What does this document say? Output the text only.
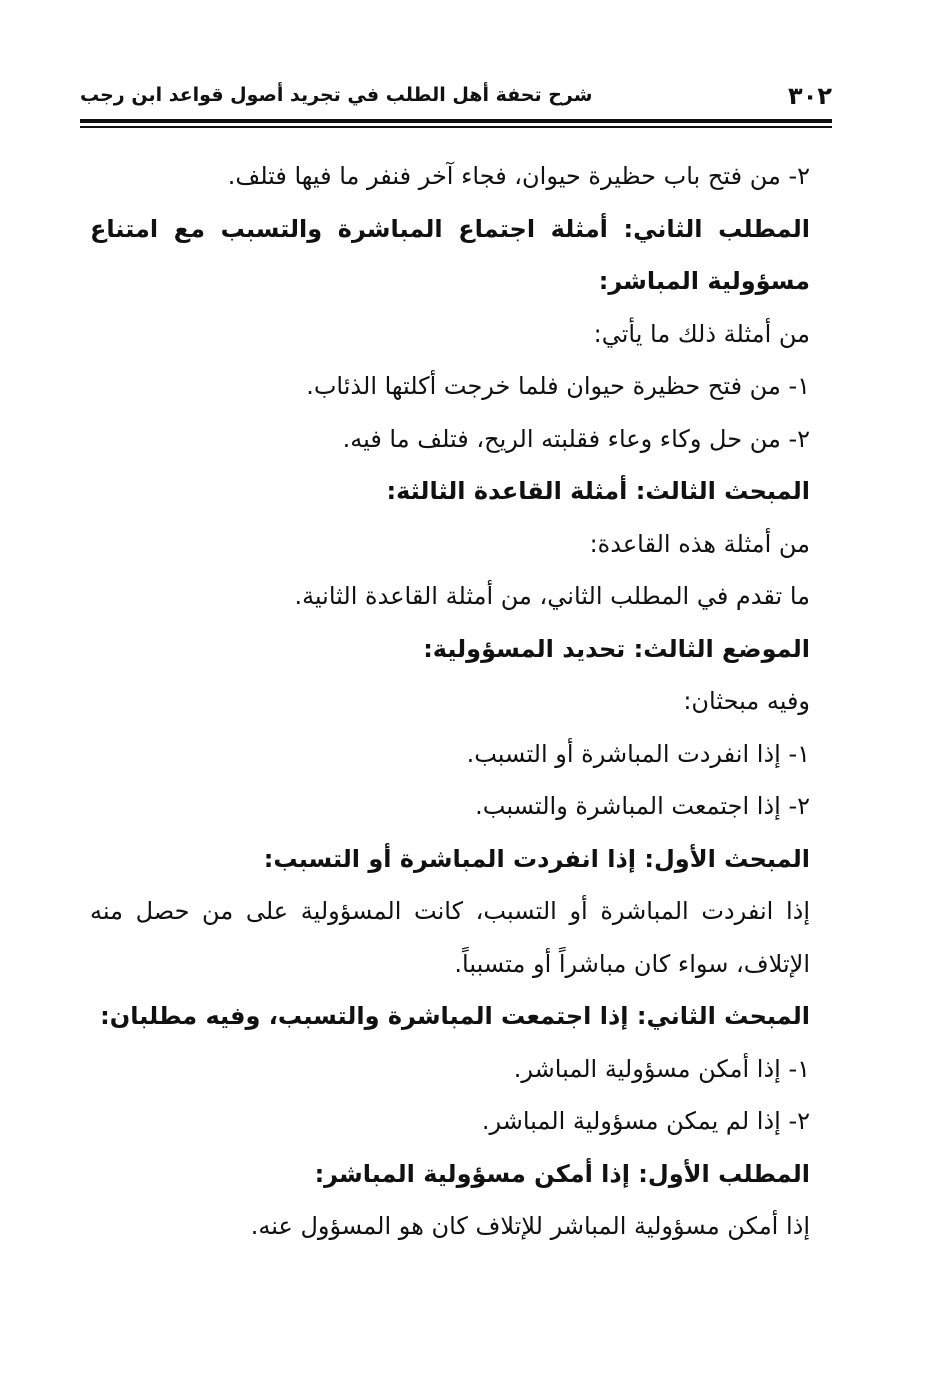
٣٠٢
شرح تحفة أهل الطلب في تجريد أصول قواعد ابن رجب
٢- من فتح باب حظيرة حيوان، فجاء آخر فنفر ما فيها فتلف.
المطلب الثاني: أمثلة اجتماع المباشرة والتسبب مع امتناع مسؤولية المباشر:
من أمثلة ذلك ما يأتي:
١- من فتح حظيرة حيوان فلما خرجت أكلتها الذئاب.
٢- من حل وكاء وعاء فقلبته الريح، فتلف ما فيه.
المبحث الثالث: أمثلة القاعدة الثالثة:
من أمثلة هذه القاعدة:
ما تقدم في المطلب الثاني، من أمثلة القاعدة الثانية.
الموضع الثالث: تحديد المسؤولية:
وفيه مبحثان:
١- إذا انفردت المباشرة أو التسبب.
٢- إذا اجتمعت المباشرة والتسبب.
المبحث الأول: إذا انفردت المباشرة أو التسبب:
إذا انفردت المباشرة أو التسبب، كانت المسؤولية على من حصل منه الإتلاف، سواء كان مباشراً أو متسبباً.
المبحث الثاني: إذا اجتمعت المباشرة والتسبب، وفيه مطلبان:
١- إذا أمكن مسؤولية المباشر.
٢- إذا لم يمكن مسؤولية المباشر.
المطلب الأول: إذا أمكن مسؤولية المباشر:
إذا أمكن مسؤولية المباشر للإتلاف كان هو المسؤول عنه.
